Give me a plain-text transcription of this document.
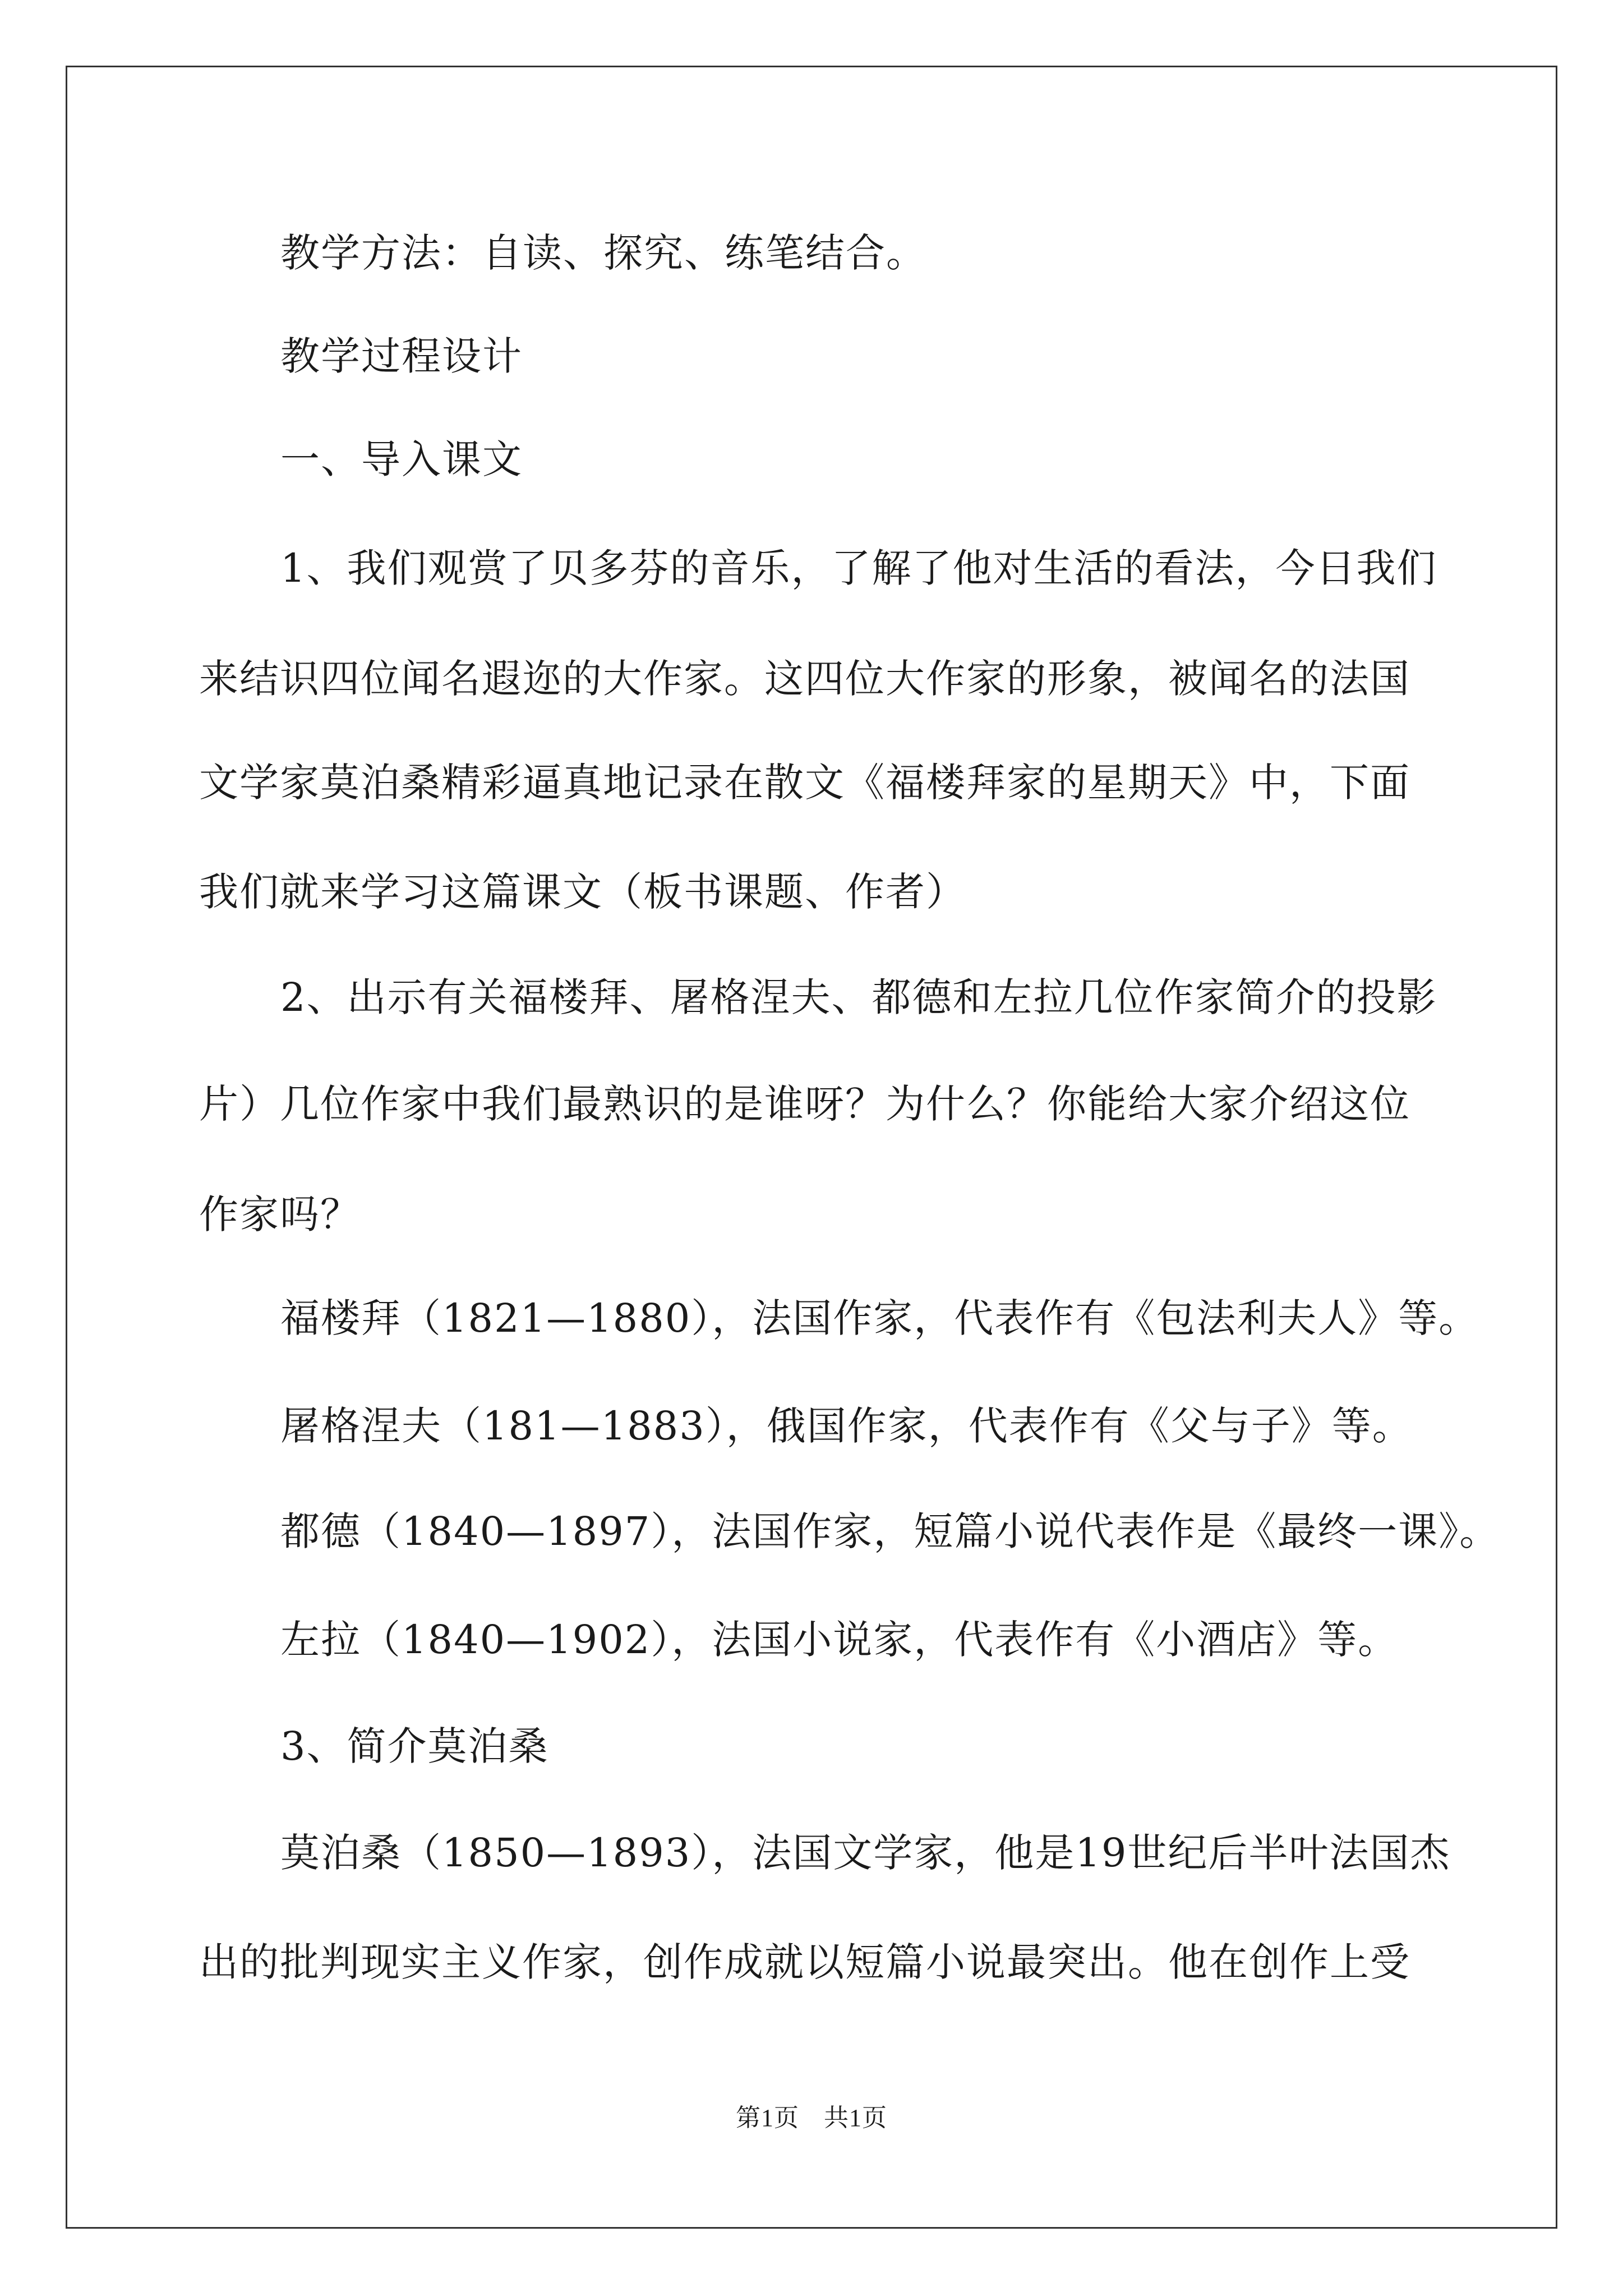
教学方法：自读、探究、练笔结合。
教学过程设计
一、导入课文
1、我们观赏了贝多芬的音乐，了解了他对生活的看法，今日我们
来结识四位闻名遐迩的大作家。这四位大作家的形象，被闻名的法国
文学家莫泊桑精彩逼真地记录在散文《福楼拜家的星期天》中，下面
我们就来学习这篇课文（板书课题、作者）
2、出示有关福楼拜、屠格涅夫、都德和左拉几位作家简介的投影
片）几位作家中我们最熟识的是谁呀？为什么？你能给大家介绍这位
作家吗？
福楼拜（1821—1880），法国作家，代表作有《包法利夫人》等。
屠格涅夫（181—1883），俄国作家，代表作有《父与子》等。
都德（1840—1897），法国作家，短篇小说代表作是《最终一课》。
左拉（1840—1902），法国小说家，代表作有《小酒店》等。
3、简介莫泊桑
莫泊桑（1850—1893），法国文学家，他是19世纪后半叶法国杰
出的批判现实主义作家，创作成就以短篇小说最突出。他在创作上受
第1页 共1页
